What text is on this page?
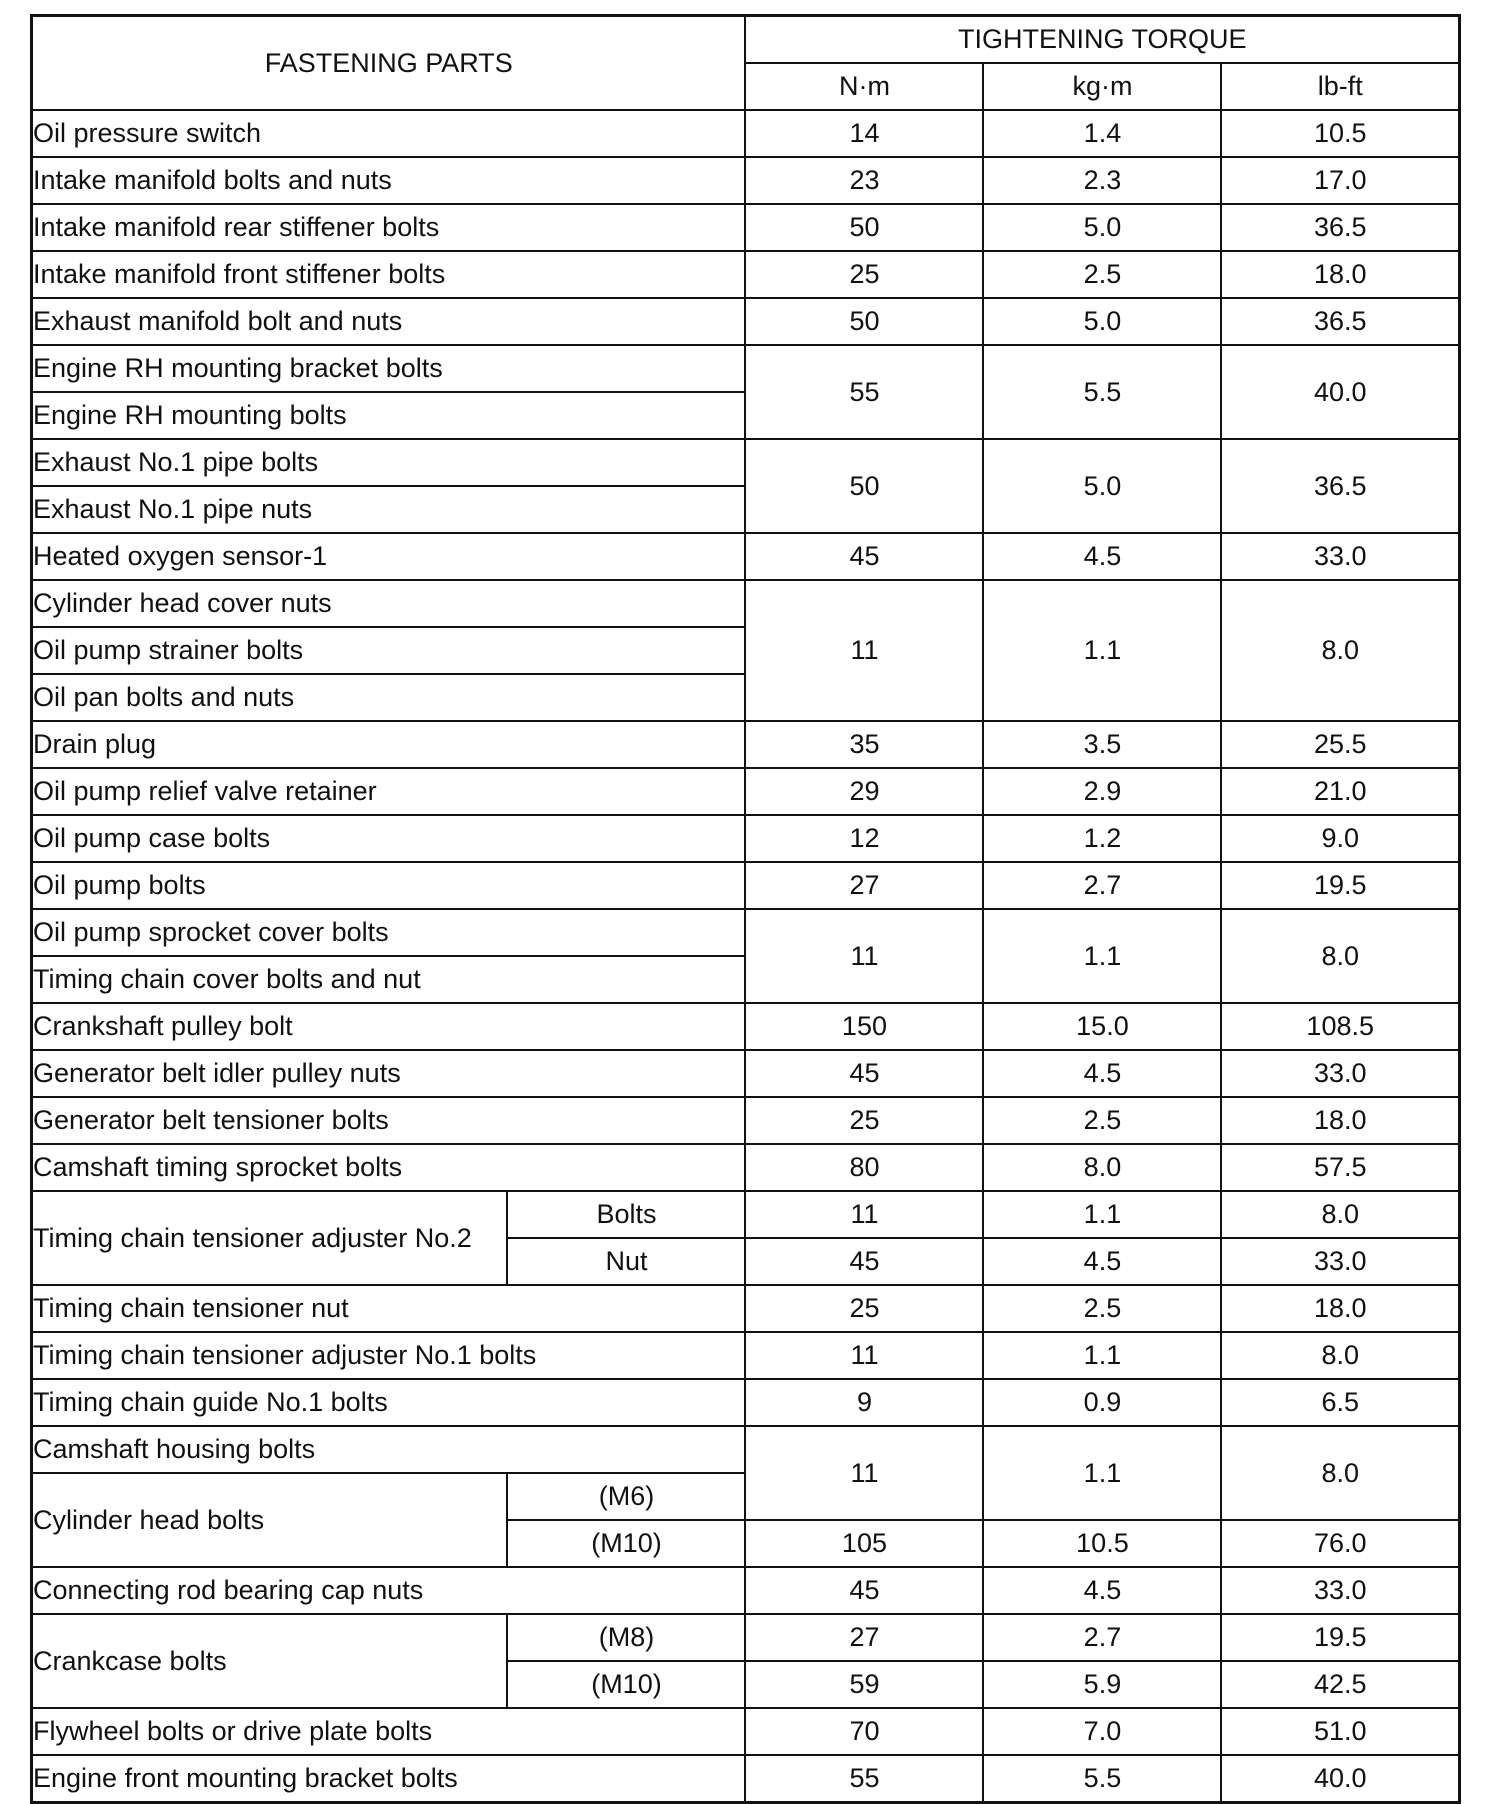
FASTENING PARTS		TIGHTENING TORQUE		
		N·m	kg·m	lb-ft
Oil pressure switch		14	1.4	10.5
Intake manifold bolts and nuts		23	2.3	17.0
Intake manifold rear stiffener bolts		50	5.0	36.5
Intake manifold front stiffener bolts		25	2.5	18.0
Exhaust manifold bolt and nuts		50	5.0	36.5
Engine RH mounting bracket bolts		55	5.5	40.0
Engine RH mounting bolts				
Exhaust No.1 pipe bolts		50	5.0	36.5
Exhaust No.1 pipe nuts				
Heated oxygen sensor-1		45	4.5	33.0
Cylinder head cover nuts		11	1.1	8.0
Oil pump strainer bolts				
Oil pan bolts and nuts				
Drain plug		35	3.5	25.5
Oil pump relief valve retainer		29	2.9	21.0
Oil pump case bolts		12	1.2	9.0
Oil pump bolts		27	2.7	19.5
Oil pump sprocket cover bolts		11	1.1	8.0
Timing chain cover bolts and nut				
Crankshaft pulley bolt		150	15.0	108.5
Generator belt idler pulley nuts		45	4.5	33.0
Generator belt tensioner bolts		25	2.5	18.0
Camshaft timing sprocket bolts		80	8.0	57.5
Timing chain tensioner adjuster No.2	Bolts	11	1.1	8.0
	Nut	45	4.5	33.0
Timing chain tensioner nut		25	2.5	18.0
Timing chain tensioner adjuster No.1 bolts		11	1.1	8.0
Timing chain guide No.1 bolts		9	0.9	6.5
Camshaft housing bolts		11	1.1	8.0
Cylinder head bolts	(M6)			
	(M10)	105	10.5	76.0
Connecting rod bearing cap nuts		45	4.5	33.0
Crankcase bolts	(M8)	27	2.7	19.5
	(M10)	59	5.9	42.5
Flywheel bolts or drive plate bolts		70	7.0	51.0
Engine front mounting bracket bolts		55	5.5	40.0
